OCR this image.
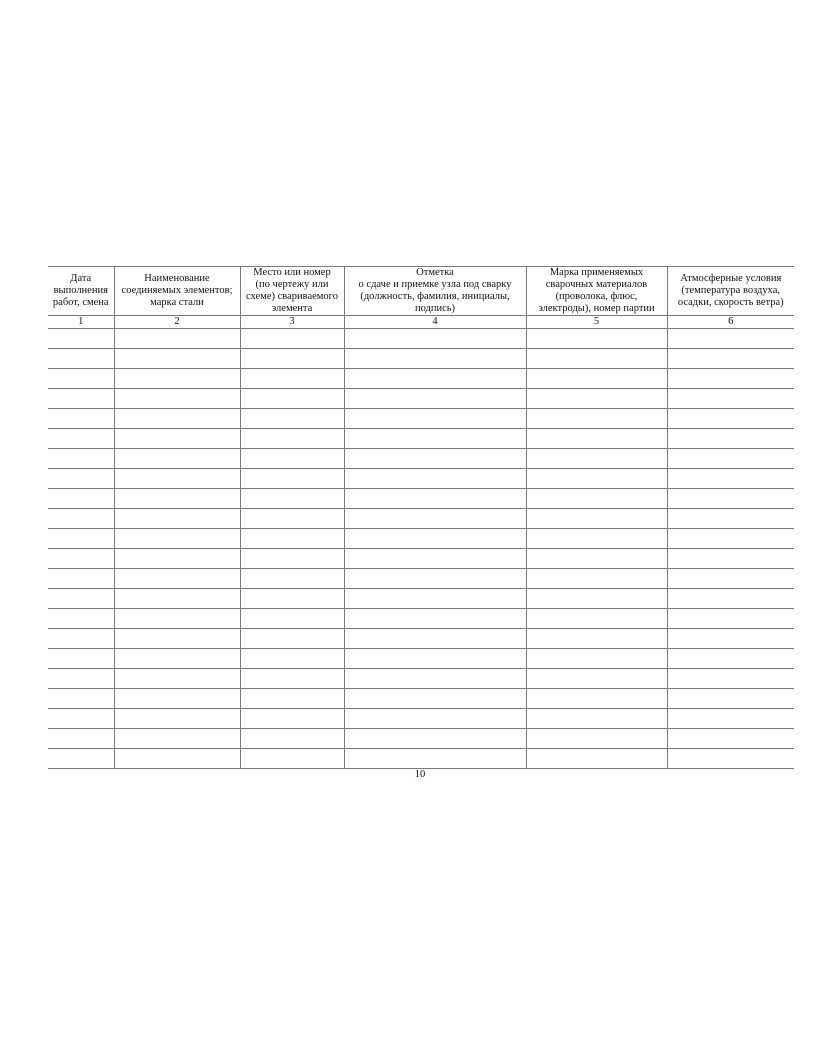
Дата
выполнения
работ, смена	Наименование
соединяемых элементов;
марка стали	Место или номер
(по чертежу или
схеме) свариваемого
элемента	Отметка
о сдаче и приемке узла под сварку
(должность, фамилия, инициалы,
подпись)	Марка применяемых
сварочных материалов
(проволока, флюс,
электроды), номер партии	Атмосферные условия
(температура воздуха,
осадки, скорость ветра)
1	2	3	4	5	6

10
